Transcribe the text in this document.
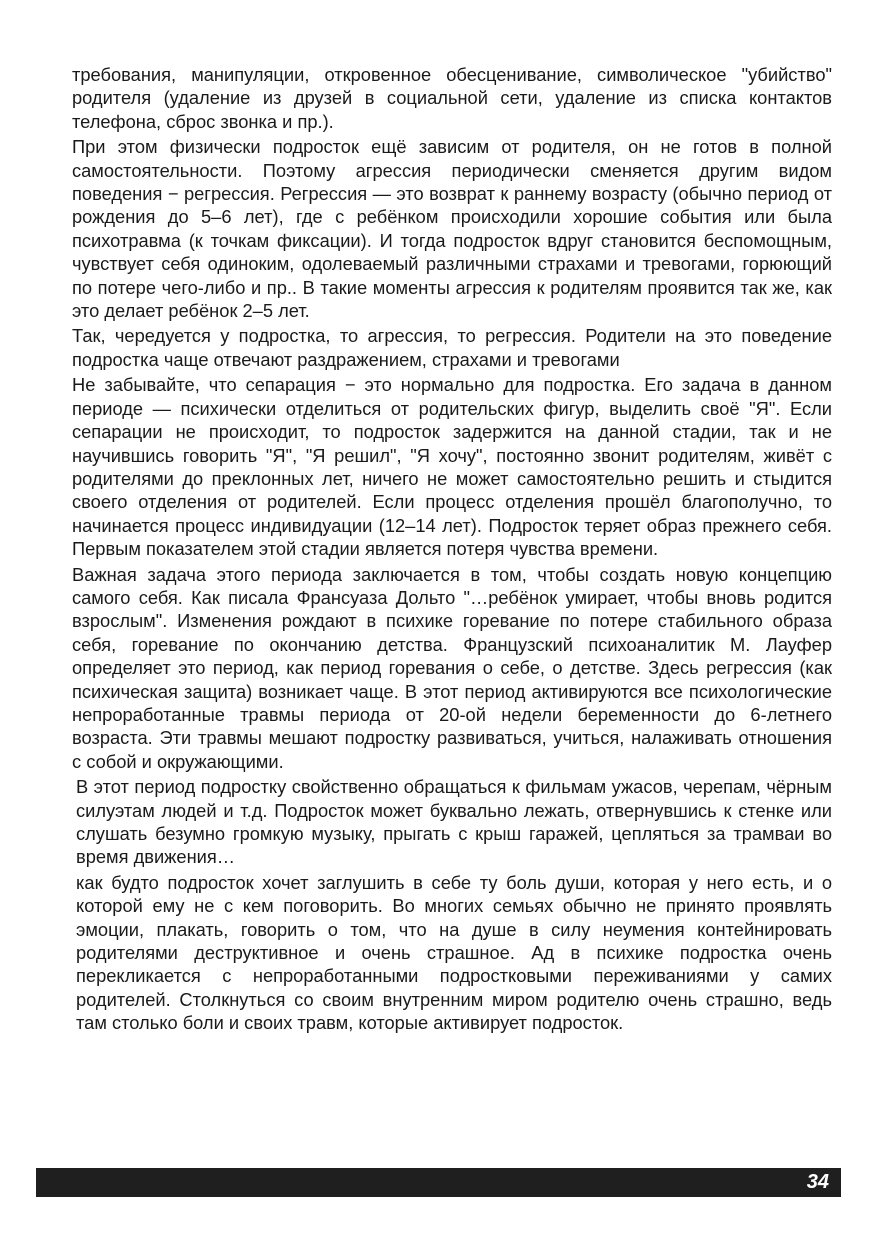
требования, манипуляции, откровенное обесценивание, символическое "убийство" родителя (удаление из друзей в социальной сети, удаление из списка контактов телефона, сброс звонка и пр.).

При этом физически подросток ещё зависим от родителя, он не готов в полной самостоятельности. Поэтому агрессия периодически сменяется другим видом поведения − регрессия. Регрессия — это возврат к раннему возрасту (обычно период от рождения до 5–6 лет), где с ребёнком происходили хорошие события или была психотравма (к точкам фиксации). И тогда подросток вдруг становится беспомощным, чувствует себя одиноким, одолеваемый различными страхами и тревогами, горюющий по потере чего-либо и пр.. В такие моменты агрессия к родителям проявится так же, как это делает ребёнок 2–5 лет.

Так, чередуется у подростка, то агрессия, то регрессия. Родители на это поведение подростка чаще отвечают раздражением, страхами и тревогами

Не забывайте, что сепарация − это нормально для подростка. Его задача в данном периоде — психически отделиться от родительских фигур, выделить своё "Я". Если сепарации не происходит, то подросток задержится на данной стадии, так и не научившись говорить "Я", "Я решил", "Я хочу", постоянно звонит родителям, живёт с родителями до преклонных лет, ничего не может самостоятельно решить и стыдится своего отделения от родителей. Если процесс отделения прошёл благополучно, то начинается процесс индивидуации (12–14 лет). Подросток теряет образ прежнего себя. Первым показателем этой стадии является потеря чувства времени.

Важная задача этого периода заключается в том, чтобы создать новую концепцию самого себя. Как писала Франсуаза Дольто "…ребёнок умирает, чтобы вновь родится взрослым". Изменения рождают в психике горевание по потере стабильного образа себя, горевание по окончанию детства. Французский психоаналитик М. Лауфер определяет это период, как период горевания о себе, о детстве. Здесь регрессия (как психическая защита) возникает чаще. В этот период активируются все психологические непроработанные травмы периода от 20-ой недели беременности до 6-летнего возраста. Эти травмы мешают подростку развиваться, учиться, налаживать отношения с собой и окружающими.

В этот период подростку свойственно обращаться к фильмам ужасов, черепам, чёрным силуэтам людей и т.д. Подросток может буквально лежать, отвернувшись к стенке или слушать безумно громкую музыку, прыгать с крыш гаражей, цепляться за трамваи во время движения…

как будто подросток хочет заглушить в себе ту боль души, которая у него есть, и о которой ему не с кем поговорить. Во многих семьях обычно не принято проявлять эмоции, плакать, говорить о том, что на душе в силу неумения контейнировать родителями деструктивное и очень страшное. Ад в психике подростка очень перекликается с непроработанными подростковыми переживаниями у самих родителей. Столкнуться со своим внутренним миром родителю очень страшно, ведь там столько боли и своих травм, которые активирует подросток.

34
